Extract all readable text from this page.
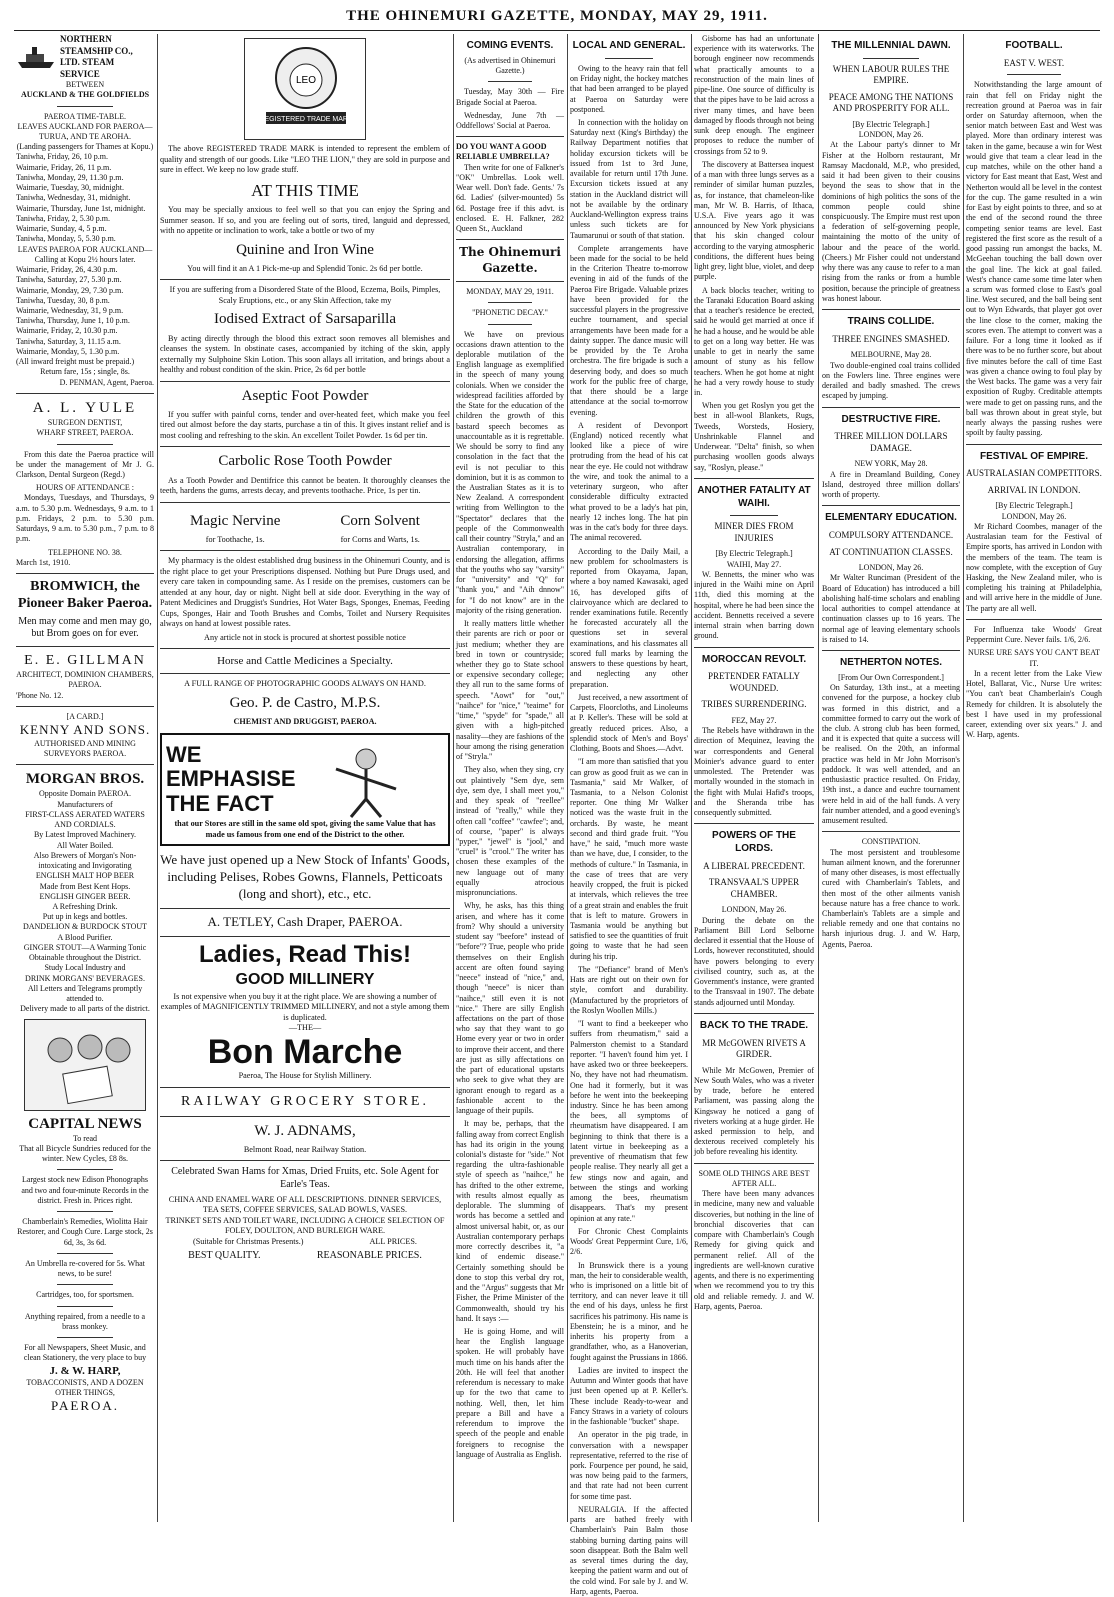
THE OHINEMURI GAZETTE, MONDAY, MAY 29, 1911.
NORTHERN STEAMSHIP CO., LTD. STEAM SERVICE
BETWEEN
AUCKLAND & THE GOLDFIELDS
PAEROA TIME-TABLE.
LEAVES AUCKLAND FOR PAEROA—TURUA, AND TE AROHA.
(Landing passengers for Thames at Kopu.)
Taniwha, Friday, 26, 10 p.m.
Waimarie, Friday, 26, 11 p.m.
Taniwha, Monday, 29, 11.30 p.m.
Waimarie, Tuesday, 30, midnight.
Taniwha, Wednesday, 31, midnight.
Waimarie, Thursday, June 1st, midnight.
Taniwha, Friday, 2, 5.30 p.m.
Waimarie, Sunday, 4, 5 p.m.
Taniwha, Monday, 5, 5.30 p.m.
LEAVES PAEROA FOR AUCKLAND—Calling at Kopu 2½ hours later.
Waimarie, Friday, 26, 4.30 p.m.
Taniwha, Saturday, 27, 5.30 p.m.
Waimarie, Monday, 29, 7.30 p.m.
Taniwha, Tuesday, 30, 8 p.m.
Waimarie, Wednesday, 31, 9 p.m.
Taniwha, Thursday, June 1, 10 p.m.
Waimarie, Friday, 2, 10.30 p.m.
Taniwha, Saturday, 3, 11.15 a.m.
Waimarie, Monday, 5, 1.30 p.m.
(All inward freight must be prepaid.)
Return fare, 15s ; single, 8s.
D. PENMAN, Agent, Paeroa.
A. L. YULE
SURGEON DENTIST,
WHARF STREET, PAEROA.

From this date the Paeroa practice will be under the management of Mr J. G. Clarkson, Dental Surgeon (Regd.)

HOURS OF ATTENDANCE :

Mondays, Tuesdays, and Thursdays, 9 a.m. to 5.30 p.m. Wednesdays, 9 a.m. to 1 p.m. Fridays, 2 p.m. to 5.30 p.m. Saturdays, 9 a.m. to 5.30 p.m., 7 p.m. to 8 p.m.

TELEPHONE NO. 38.
March 1st, 1910.
BROMWICH, the Pioneer Baker Paeroa.
Men may come and men may go, but Brom goes on for ever.
E. E. GILLMAN
ARCHITECT, DOMINION CHAMBERS, PAEROA.
'Phone No. 12.
[A CARD.]
KENNY AND SONS.
AUTHORISED AND MINING SURVEYORS PAEROA.
MORGAN BROS.
Opposite Domain PAEROA.
Manufacturers of
FIRST-CLASS AERATED WATERS AND CORDIALS.
By Latest Improved Machinery.
All Water Boiled.
Also Brewers of Morgan's Non-intoxicating and Invigorating
ENGLISH MALT HOP BEER
Made from Best Kent Hops.
ENGLISH GINGER BEER.
A Refreshing Drink.
Put up in kegs and bottles.
DANDELION & BURDOCK STOUT
A Blood Purifier.
GINGER STOUT—A Warming Tonic
Obtainable throughout the District.
Study Local Industry and
DRINK MORGANS' BEVERAGES.
All Letters and Telegrams promptly attended to.
Delivery made to all parts of the district.
CAPITAL NEWS
To read
That all Bicycle Sundries reduced for the winter. New Cycles, £8 8s.
Largest stock new Edison Phonographs and two and four-minute Records in the district. Fresh in. Prices right.
Chamberlain's Remedies, Wiolitta Hair Restorer, and Cough Cure. Large stock, 2s 6d, 3s, 3s 6d.
An Umbrella re-covered for 5s. What news, to be sure!
Cartridges, too, for sportsmen.
Anything repaired, from a needle to a brass monkey.
For all Newspapers, Sheet Music, and clean Stationery, the very place to buy
J. & W. HARP,
TOBACCONISTS, AND A DOZEN OTHER THINGS,
PAEROA.
LEO
REGISTERED TRADE MARK

The above REGISTERED TRADE MARK is intended to represent the emblem of quality and strength of our goods. Like "LEO THE LION," they are sold in purpose and sure in effect. We keep no low grade stuff.

AT THIS TIME

You may be specially anxious to feel well so that you can enjoy the Spring and Summer season. If so, and you are feeling out of sorts, tired, languid and depressed, with no appetite or inclination to work, take a bottle or two of my

Quinine and Iron Wine
You will find it an A 1 Pick-me-up and Splendid Tonic. 2s 6d per bottle.
If you are suffering from a Disordered State of the Blood, Eczema, Boils, Pimples, Scaly Eruptions, etc., or any Skin Affection, take my
Iodised Extract of Sarsaparilla

By acting directly through the blood this extract soon removes all blemishes and cleanses the system. In obstinate cases, accompanied by itching of the skin, apply externally my Sulphoine Skin Lotion. This soon allays all irritation, and brings about a healthy and robust condition of the skin. Price, 2s 6d per bottle

Aseptic Foot Powder

If you suffer with painful corns, tender and over-heated feet, which make you feel tired out almost before the day starts, purchase a tin of this. It gives instant relief and is most cooling and refreshing to the skin. An excellent Toilet Powder. 1s 6d per tin.

Carbolic Rose Tooth Powder

As a Tooth Powder and Dentifrice this cannot be beaten. It thoroughly cleanses the teeth, hardens the gums, arrests decay, and prevents toothache. Price, 1s per tin.

Magic Nervine
for Toothache, 1s.
Corn Solvent
for Corns and Warts, 1s.

My pharmacy is the oldest established drug business in the Ohinemuri County, and is the right place to get your Prescriptions dispensed. Nothing but Pure Drugs used, and every care taken in compounding same. As I reside on the premises, customers can be attended at any hour, day or night. Night bell at side door. Everything in the way of Patent Medicines and Druggist's Sundries, Hot Water Bags, Sponges, Enemas, Feeding Cups, Sponges, Hair and Tooth Brushes and Combs, Toilet and Nursery Requisites always on hand at lowest possible rates.

Any article not in stock is procured at shortest possible notice
Horse and Cattle Medicines a Specialty.
A FULL RANGE OF PHOTOGRAPHIC GOODS ALWAYS ON HAND.
Geo. P. de Castro, M.P.S.
CHEMIST AND DRUGGIST, PAEROA.
WE EMPHASISE THE FACT
that our Stores are still in the same old spot, giving the same Value that has made us famous from one end of the District to the other.
We have just opened up a New Stock of Infants' Goods, including Pelises, Robes Gowns, Flannels, Petticoats (long and short), etc., etc.
A. TETLEY, Cash Draper, PAEROA.
Ladies, Read This!
GOOD MILLINERY
Is not expensive when you buy it at the right place. We are showing a number of examples of MAGNIFICENTLY TRIMMED MILLINERY, and not a style among them is duplicated.
—THE—
Bon Marche
Paeroa, The House for Stylish Millinery.
RAILWAY GROCERY STORE.
W. J. ADNAMS,
Belmont Road, near Railway Station.
Celebrated Swan Hams for Xmas, Dried Fruits, etc. Sole Agent for Earle's Teas.
CHINA AND ENAMEL WARE OF ALL DESCRIPTIONS. DINNER SERVICES, TEA SETS, COFFEE SERVICES, SALAD BOWLS, VASES.
TRINKET SETS AND TOILET WARE, INCLUDING A CHOICE SELECTION OF FOLEY, DOULTON, AND BURLEIGH WARE.
(Suitable for Christmas Presents.)	ALL PRICES.
BEST QUALITY.	REASONABLE PRICES.
COMING EVENTS.
(As advertised in Ohinemuri Gazette.)

Tuesday, May 30th — Fire Brigade Social at Paeroa.

Wednesday, June 7th — Oddfellows' Social at Paeroa.

DO YOU WANT A GOOD RELIABLE UMBRELLA?

Then write for one of Falkner's "OK" Umbrellas. Look well. Wear well. Don't fade. Gents.' 7s 6d. Ladies' (silver-mounted) 5s 6d. Postage free if this advt. is enclosed. E. H. Falkner, 282 Queen St., Auckland

The Ohinemuri Gazette.
MONDAY, MAY 29, 1911.
"PHONETIC DECAY."

We have on previous occasions drawn attention to the deplorable mutilation of the English language as exemplified in the speech of many young colonials. When we consider the widespread facilities afforded by the State for the education of the children the growth of this bastard speech becomes as unaccountable as it is regrettable. We should be sorry to find any consolation in the fact that the evil is not peculiar to this dominion, but it is as common to the Australian States as it is to New Zealand. A correspondent writing from Wellington to the "Spectator" declares that the people of the Commonwealth call their country "Stryla," and an Australian contemporary, in endorsing the allegation, affirms that the youths who say "varsity" for "university" and "Q" for "thank you," and "Aih dnnow" for "I do not know" are in the majority of the rising generation.

It really matters little whether their parents are rich or poor or just medium; whether they are bred in town or countryside; whether they go to State school or expensive secondary college; they all run to the same forms of speech. "Aowt" for "out," "naihce" for "nice," "teaime" for "time," "spyde" for "spade," all given with a high-pitched nasality—they are fashions of the hour among the rising generation of "Stryla."

They also, when they sing, cry out plaintively "Sem dye, sem dye, sem dye, I shall meet you," and they speak of "reellee" instead of "really," while they often call "coffee" "cawfee"; and, of course, "paper" is always "pyper," "jewel" is "jool," and "cruel" is "crool." The writer has chosen these examples of the new language out of many equally atrocious mispronunciations.

Why, he asks, has this thing arisen, and where has it come from? Why should a university student say "beefore" instead of "before"? True, people who pride themselves on their English accent are often found saying "neece" instead of "nice," and, though "neece" is nicer than "naihce," still even it is not "nice." There are silly English affectations on the part of those who say that they want to go Home every year or two in order to improve their accent, and there are just as silly affectations on the part of educational upstarts who seek to give what they are ignorant enough to regard as a fashionable accent to the language of their pupils.

It may be, perhaps, that the falling away from correct English has had its origin in the young colonial's distaste for "side." Not regarding the ultra-fashionable style of speech as "naihce," he has drifted to the other extreme, with results almost equally as deplorable. The slumming of words has become a settled and almost universal habit, or, as our Australian contemporary perhaps more correctly describes it, "a kind of endemic disease." Certainly something should be done to stop this verbal dry rot, and the "Argus" suggests that Mr Fisher, the Prime Minister of the Commonwealth, should try his hand. It says :—

He is going Home, and will hear the English language spoken. He will probably have much time on his hands after the 20th. He will feel that another referendum is necessary to make up for the two that came to nothing. Well, then, let him prepare a Bill and have a referendum to improve the speech of the people and enable foreigners to recognise the language of Australia as English.

LOCAL AND GENERAL.

Owing to the heavy rain that fell on Friday night, the hockey matches that had been arranged to be played at Paeroa on Saturday were postponed.

In connection with the holiday on Saturday next (King's Birthday) the Railway Department notifies that holiday excursion tickets will be issued from 1st to 3rd June, available for return until 17th June. Excursion tickets issued at any station in the Auckland district will not be available by the ordinary Auckland-Wellington express trains unless such tickets are for Taumarunui or south of that station.

Complete arrangements have been made for the social to be held in the Criterion Theatre to-morrow evening in aid of the funds of the Paeroa Fire Brigade. Valuable prizes have been provided for the successful players in the progressive euchre tournament, and special arrangements have been made for a dainty supper. The dance music will be provided by the Te Aroha orchestra. The fire brigade is such a deserving body, and does so much work for the public free of charge, that there should be a large attendance at the social to-morrow evening.

A resident of Devonport (England) noticed recently what looked like a piece of wire protruding from the head of his cat near the eye. He could not withdraw the wire, and took the animal to a veterinary surgeon, who after considerable difficulty extracted what proved to be a lady's hat pin, nearly 12 inches long. The hat pin was in the cat's body for three days. The animal recovered.

According to the Daily Mail, a new problem for schoolmasters is reported from Okayama, Japan, where a boy named Kawasaki, aged 16, has developed gifts of clairvoyance which are declared to render examinations futile. Recently he forecasted accurately all the questions set in several examinations, and his classmates all scored full marks by learning the answers to these questions by heart, and neglecting any other preparation.

Just received, a new assortment of Carpets, Floorcloths, and Linoleums at P. Keller's. These will be sold at greatly reduced prices. Also, a splendid stock of Men's and Boys' Clothing, Boots and Shoes.—Advt.

"I am more than satisfied that you can grow as good fruit as we can in Tasmania," said Mr Walker, of Tasmania, to a Nelson Colonist reporter. One thing Mr Walker noticed was the waste fruit in the orchards. By waste, he meant second and third grade fruit. "You have," he said, "much more waste than we have, due, I consider, to the methods of culture." In Tasmania, in the case of trees that are very heavily cropped, the fruit is picked at intervals, which relieves the tree of a great strain and enables the fruit that is left to mature. Growers in Tasmania would be anything but satisfied to see the quantities of fruit going to waste that he had seen during his trip.

The "Defiance" brand of Men's Hats are right out on their own for style, comfort and durability. (Manufactured by the proprietors of the Roslyn Woollen Mills.)

"I want to find a beekeeper who suffers from rheumatism," said a Palmerston chemist to a Standard reporter. "I haven't found him yet. I have asked two or three beekeepers. No, they have not had rheumatism. One had it formerly, but it was before he went into the beekeeping industry. Since he has been among the bees, all symptoms of rheumatism have disappeared. I am beginning to think that there is a latent virtue in beekeeping as a preventive of rheumatism that few people realise. They nearly all get a few stings now and again, and between the stings and working among the bees, rheumatism disappears. That's my present opinion at any rate."

For Chronic Chest Complaints Woods' Great Peppermint Cure, 1/6, 2/6.

In Brunswick there is a young man, the heir to considerable wealth, who is imprisoned on a little bit of territory, and can never leave it till the end of his days, unless he first sacrifices his patrimony. His name is Ebenstein; he is a minor, and he inherits his property from a grandfather, who, as a Hanoverian, fought against the Prussians in 1866.

Ladies are invited to inspect the Autumn and Winter goods that have just been opened up at P. Keller's. These include Ready-to-wear and Fancy Straws in a variety of colours in the fashionable "bucket" shape.

An operator in the pig trade, in conversation with a newspaper representative, referred to the rise of pork. Fourpence per pound, he said, was now being paid to the farmers, and that rate had not been current for some time past.

NEURALGIA. If the affected parts are bathed freely with Chamberlain's Pain Balm those stabbing burning darting pains will soon disappear. Both the Balm well as several times during the day, keeping the patient warm and out of the cold wind. For sale by J. and W. Harp, agents, Paeroa.

Gisborne has had an unfortunate experience with its waterworks. The borough engineer now recommends what practically amounts to a reconstruction of the main lines of pipe-line. One source of difficulty is that the pipes have to be laid across a river many times, and have been damaged by floods through not being sunk deep enough. The engineer proposes to reduce the number of crossings from 52 to 9.

The discovery at Battersea inquest of a man with three lungs serves as a reminder of similar human puzzles, as, for instance, that chameleon-like man, Mr W. B. Harris, of Ithaca, U.S.A. Five years ago it was announced by New York physicians that his skin changed colour according to the varying atmospheric conditions, the different hues being light grey, light blue, violet, and deep purple.

A back blocks teacher, writing to the Taranaki Education Board asking that a teacher's residence be erected, said he would get married at once if he had a house, and he would be able to get on a long way better. He was unable to get in nearly the same amount of stuny as his fellow teachers. When he got home at night he had a very rowdy house to study in.

When you get Roslyn you get the best in all-wool Blankets, Rugs, Tweeds, Worsteds, Hosiery, Unshrinkable Flannel and Underwear. "Delta" finish, so when purchasing woollen goods always say, "Roslyn, please."

ANOTHER FATALITY AT WAIHI.
MINER DIES FROM INJURIES
[By Electric Telegraph.]
WAIHI, May 27.

W. Bennetts, the miner who was injured in the Waihi mine on April 11th, died this morning at the hospital, where he had been since the accident. Bennetts received a severe internal strain when barring down ground.

MOROCCAN REVOLT.
PRETENDER FATALLY WOUNDED.
TRIBES SURRENDERING.
FEZ, May 27.

The Rebels have withdrawn in the direction of Mequinez, leaving the war correspondents and General Moinier's advance guard to enter unmolested. The Pretender was mortally wounded in the stomach in the fight with Mulai Hafid's troops, and the Sheranda tribe has consequently submitted.

POWERS OF THE LORDS.
A LIBERAL PRECEDENT.
TRANSVAAL'S UPPER CHAMBER.
LONDON, May 26.

During the debate on the Parliament Bill Lord Selborne declared it essential that the House of Lords, however reconstituted, should have powers belonging to every civilised country, such as, at the Government's instance, were granted to the Transvaal in 1907. The debate stands adjourned until Monday.

BACK TO THE TRADE.
MR McGOWEN RIVETS A GIRDER.

While Mr McGowen, Premier of New South Wales, who was a riveter by trade, before he entered Parliament, was passing along the Kingsway he noticed a gang of riveters working at a huge girder. He asked permission to help, and dexterous received completely his job before revealing his identity.

SOME OLD THINGS ARE BEST AFTER ALL.

There have been many advances in medicine, many new and valuable discoveries, but nothing in the line of bronchial discoveries that can compare with Chamberlain's Cough Remedy for giving quick and permanent relief. All of the ingredients are well-known curative agents, and there is no experimenting when we recommend you to try this old and reliable remedy. J. and W. Harp, agents, Paeroa.

THE MILLENNIAL DAWN.
WHEN LABOUR RULES THE EMPIRE.
PEACE AMONG THE NATIONS AND PROSPERITY FOR ALL.
[By Electric Telegraph.]
LONDON, May 26.

At the Labour party's dinner to Mr Fisher at the Holborn restaurant, Mr Ramsay Macdonald, M.P., who presided, said it had been given to their cousins beyond the seas to show that in the dominions of high politics the sons of the common people could shine conspicuously. The Empire must rest upon a federation of self-governing people, maintaining the motto of the unity of labour and the peace of the world. (Cheers.) Mr Fisher could not understand why there was any cause to refer to a man rising from the ranks or from a humble position, because the principle of greatness was honest labour.

TRAINS COLLIDE.
THREE ENGINES SMASHED.
MELBOURNE, May 28.

Two double-engined coal trains collided on the Fowlers line. Three engines were derailed and badly smashed. The crews escaped by jumping.

DESTRUCTIVE FIRE.
THREE MILLION DOLLARS DAMAGE.
NEW YORK, May 28.

A fire in Dreamland Building, Coney Island, destroyed three million dollars' worth of property.

ELEMENTARY EDUCATION.
COMPULSORY ATTENDANCE.
AT CONTINUATION CLASSES.
LONDON, May 26.

Mr Walter Runciman (President of the Board of Education) has introduced a bill abolishing half-time scholars and enabling local authorities to compel attendance at continuation classes up to 16 years. The normal age of leaving elementary schools is raised to 14.

NETHERTON NOTES.
[From Our Own Correspondent.]

On Saturday, 13th inst., at a meeting convened for the purpose, a hockey club was formed in this district, and a committee formed to carry out the work of the club. A strong club has been formed, and it is expected that quite a success will be realised. On the 20th, an informal practice was held in Mr John Morrison's paddock. It was well attended, and an enthusiastic practice resulted. On Friday, 19th inst., a dance and euchre tournament were held in aid of the hall funds. A very fair number attended, and a good evening's amusement resulted.

CONSTIPATION.

The most persistent and troublesome human ailment known, and the forerunner of many other diseases, is most effectually cured with Chamberlain's Tablets, and then most of the other ailments vanish because nature has a free chance to work. Chamberlain's Tablets are a simple and reliable remedy and one that contains no harsh injurious drug. J. and W. Harp, Agents, Paeroa.

FOOTBALL.
EAST V. WEST.

Notwithstanding the large amount of rain that fell on Friday night the recreation ground at Paeroa was in fair order on Saturday afternoon, when the senior match between East and West was played. More than ordinary interest was taken in the game, because a win for West would give that team a clear lead in the cup matches, while on the other hand a victory for East meant that East, West and Netherton would all be level in the contest for the cup. The game resulted in a win for East by eight points to three, and so at the end of the second round the three competing senior teams are level. East registered the first score as the result of a good passing run amongst the backs, M. McGeehan touching the ball down over the goal line. The kick at goal failed. West's chance came some time later when a scrum was formed close to East's goal line. West secured, and the ball being sent out to Wyn Edwards, that player got over the line close to the corner, making the scores even. The attempt to convert was a failure. For a long time it looked as if there was to be no further score, but about five minutes before the call of time East was given a chance owing to foul play by the West backs. The game was a very fair exposition of Rugby. Creditable attempts were made to get on passing runs, and the ball was thrown about in great style, but nearly always the passing rushes were spoilt by faulty passing.

FESTIVAL OF EMPIRE.
AUSTRALASIAN COMPETITORS.
ARRIVAL IN LONDON.
[By Electric Telegraph.]
LONDON, May 26.

Mr Richard Coombes, manager of the Australasian team for the Festival of Empire sports, has arrived in London with the members of the team. The team is now complete, with the exception of Guy Hasking, the New Zealand miler, who is completing his training at Philadelphia, and will arrive here in the middle of June. The party are all well.

For Influenza take Woods' Great Peppermint Cure. Never fails. 1/6, 2/6.

NURSE URE SAYS YOU CAN'T BEAT IT.

In a recent letter from the Lake View Hotel, Ballarat, Vic., Nurse Ure writes: "You can't beat Chamberlain's Cough Remedy for children. It is absolutely the best I have used in my professional career, extending over six years." J. and W. Harp, agents.
